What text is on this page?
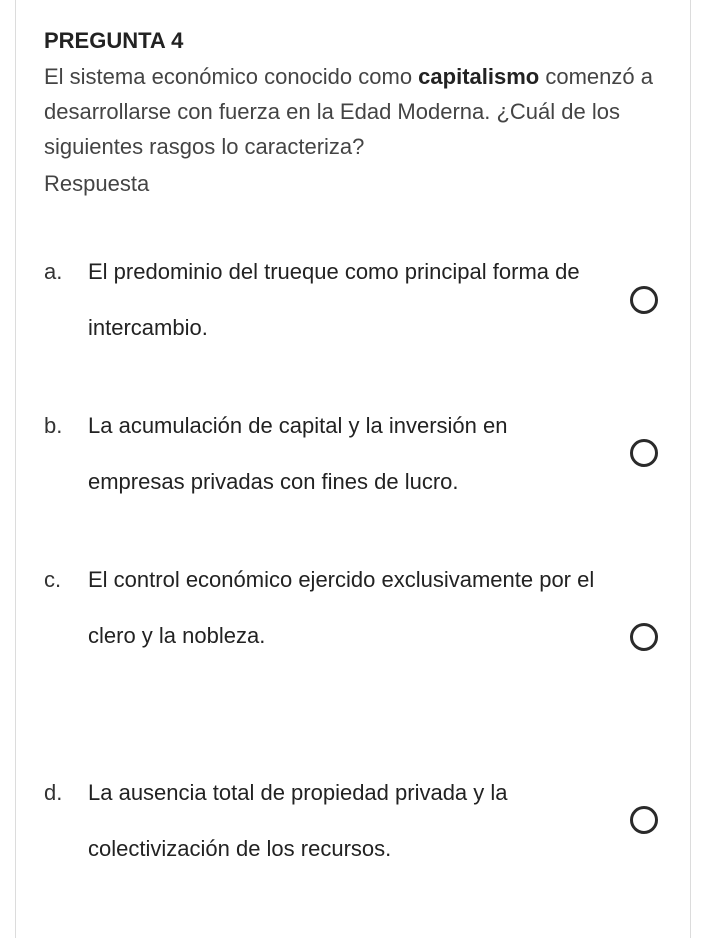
PREGUNTA 4
El sistema económico conocido como capitalismo comenzó a desarrollarse con fuerza en la Edad Moderna. ¿Cuál de los siguientes rasgos lo caracteriza?
Respuesta
a. El predominio del trueque como principal forma de intercambio.
b. La acumulación de capital y la inversión en empresas privadas con fines de lucro.
c. El control económico ejercido exclusivamente por el clero y la nobleza.
d. La ausencia total de propiedad privada y la colectivización de los recursos.
